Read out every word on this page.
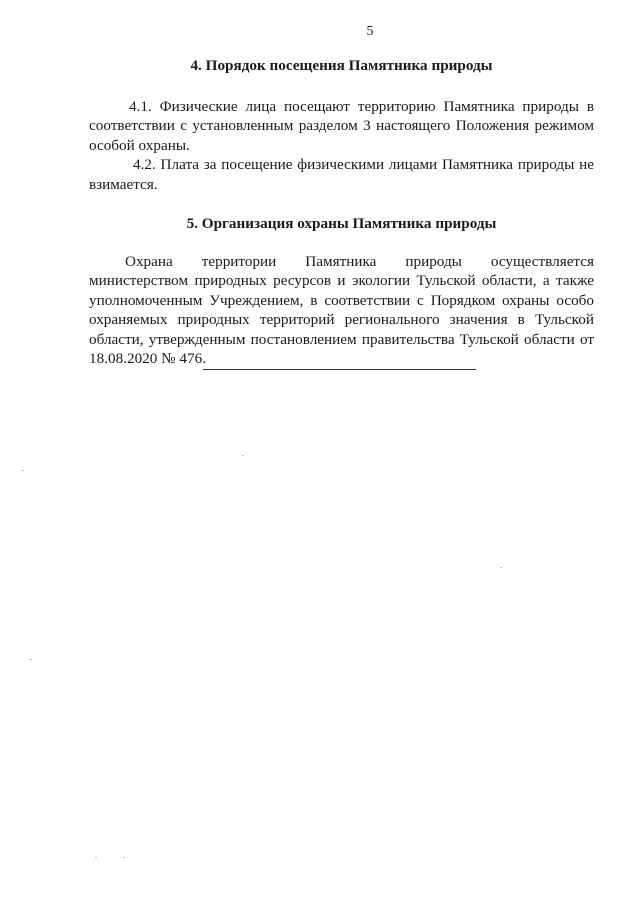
5

4. Порядок посещения Памятника природы

4.1. Физические лица посещают территорию Памятника природы в соответствии с установленным разделом 3 настоящего Положения режимом особой охраны.

4.2. Плата за посещение физическими лицами Памятника природы не взимается.

5. Организация охраны Памятника природы

Охрана территории Памятника природы осуществляется министерством природных ресурсов и экологии Тульской области, а также уполномоченным Учреждением, в соответствии с Порядком охраны особо охраняемых природных территорий регионального значения в Тульской области, утвержденным постановлением правительства Тульской области от 18.08.2020 № 476.
